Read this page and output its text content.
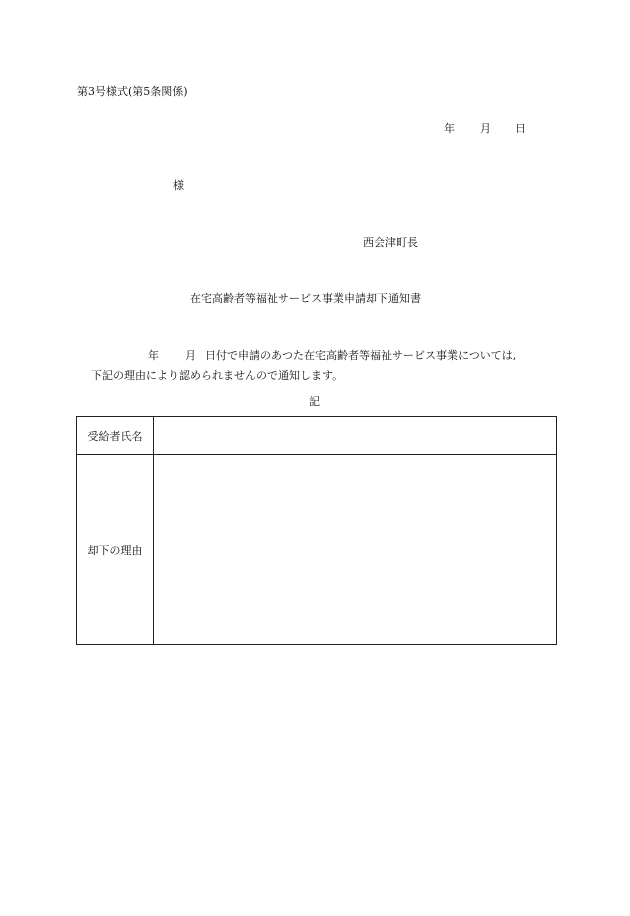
第3号様式(第5条関係)
年 月 日
様
西会津町長
在宅高齢者等福祉サービス事業申請却下通知書
年 月 日付で申請のあつた在宅高齢者等福祉サービス事業については,
下記の理由により認められませんので通知します。
記
受給者氏名	
却下の理由	
